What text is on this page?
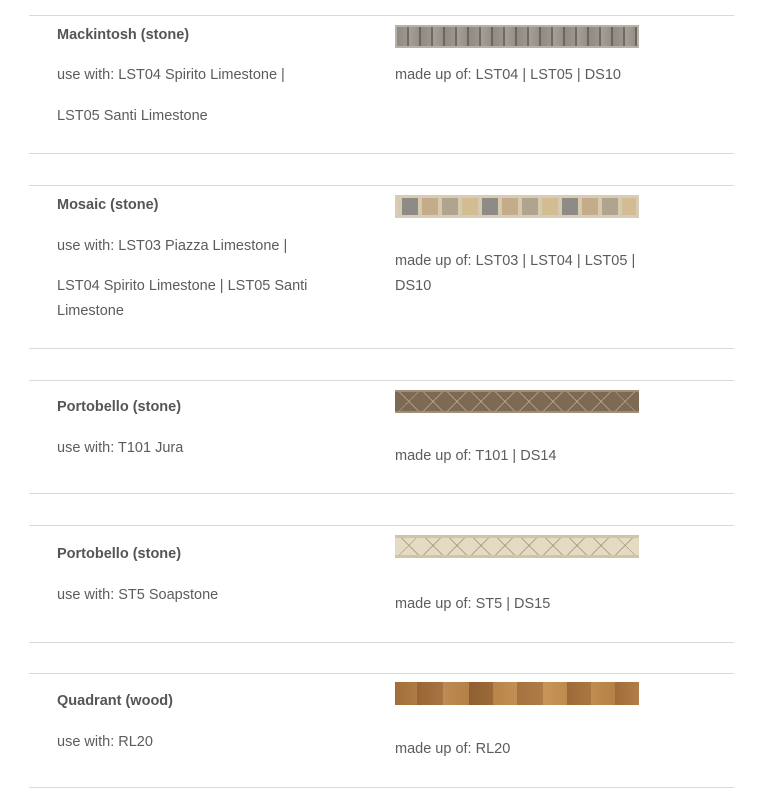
Mackintosh (stone)
use with: LST04 Spirito Limestone |
LST05 Santi Limestone
made up of: LST04 | LST05 | DS10
Mosaic (stone)
use with: LST03 Piazza Limestone |
LST04 Spirito Limestone | LST05 Santi Limestone
made up of: LST03 | LST04 | LST05 | DS10
Portobello (stone)
use with: T101 Jura	made up of: T101 | DS14
Portobello (stone)
use with: ST5 Soapstone
made up of: ST5 | DS15
Quadrant (wood)
use with: RL20	made up of: RL20
